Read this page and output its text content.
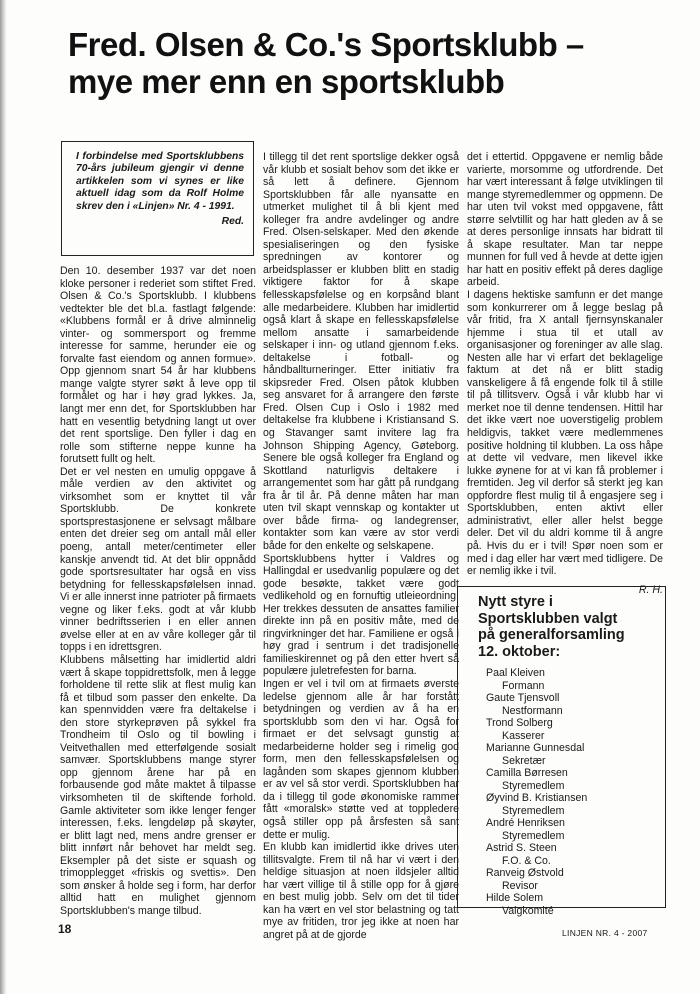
Fred. Olsen & Co.'s Sportsklubb –
mye mer enn en sportsklubb

I forbindelse med Sportsklubbens 70-års jubileum gjengir vi denne artikkelen som vi synes er like aktuell idag som da Rolf Holme skrev den i «Linjen» Nr. 4 - 1991.

Red.

Den 10. desember 1937 var det noen kloke personer i rederiet som stiftet Fred. Olsen & Co.'s Sportsklubb. I klubbens vedtekter ble det bl.a. fastlagt følgende: «Klubbens formål er å drive alminnelig vinter- og sommersport og fremme interesse for samme, herunder eie og forvalte fast eiendom og annen formue». Opp gjennom snart 54 år har klubbens mange valgte styrer søkt å leve opp til formålet og har i høy grad lykkes. Ja, langt mer enn det, for Sportsklubben har hatt en vesentlig betydning langt ut over det rent sportslige. Den fyller i dag en rolle som stifterne neppe kunne ha forutsett fullt og helt.

Det er vel nesten en umulig oppgave å måle verdien av den aktivitet og virksomhet som er knyttet til vår Sportsklubb. De konkrete sportsprestasjonene er selvsagt målbare enten det dreier seg om antall mål eller poeng, antall meter/centimeter eller kanskje anvendt tid. At det blir oppnådd gode sportsresultater har også en viss betydning for fellesskapsfølelsen innad. Vi er alle innerst inne patrioter på firmaets vegne og liker f.eks. godt at vår klubb vinner bedriftsserien i en eller annen øvelse eller at en av våre kolleger går til topps i en idrettsgren.

Klubbens målsetting har imidlertid aldri vært å skape toppidrettsfolk, men å legge forholdene til rette slik at flest mulig kan få et tilbud som passer den enkelte. Da kan spennvidden være fra deltakelse i den store styrkeprøven på sykkel fra Trondheim til Oslo og til bowling i Veitvethallen med etterfølgende sosialt samvær. Sportsklubbens mange styrer opp gjennom årene har på en forbausende god måte maktet å tilpasse virksomheten til de skiftende forhold. Gamle aktiviteter som ikke lenger fenger interessen, f.eks. lengdeløp på skøyter, er blitt lagt ned, mens andre grenser er blitt innført når behovet har meldt seg. Eksempler på det siste er squash og trimopplegget «friskis og svettis». Den som ønsker å holde seg i form, har derfor alltid hatt en mulighet gjennom Sportsklubben's mange tilbud.

I tillegg til det rent sportslige dekker også vår klubb et sosialt behov som det ikke er så lett å definere. Gjennom Sportsklubben får alle nyansatte en utmerket mulighet til å bli kjent med kolleger fra andre avdelinger og andre Fred. Olsen-selskaper. Med den økende spesialiseringen og den fysiske spredningen av kontorer og arbeidsplasser er klubben blitt en stadig viktigere faktor for å skape fellesskapsfølelse og en korpsånd blant alle medarbeidere. Klubben har imidlertid også klart å skape en fellesskapsfølelse mellom ansatte i samarbeidende selskaper i inn- og utland gjennom f.eks. deltakelse i fotball- og håndballturneringer. Etter initiativ fra skipsreder Fred. Olsen påtok klubben seg ansvaret for å arrangere den første Fred. Olsen Cup i Oslo i 1982 med deltakelse fra klubbene i Kristiansand S. og Stavanger samt invitere lag fra Johnson Shipping Agency, Gøteborg. Senere ble også kolleger fra England og Skottland naturligvis deltakere i arrangementet som har gått på rundgang fra år til år. På denne måten har man uten tvil skapt vennskap og kontakter ut over både firma- og landegrenser, kontakter som kan være av stor verdi både for den enkelte og selskapene.

Sportsklubbens hytter i Valdres og Hallingdal er usedvanlig populære og det gode besøkte, takket være godt vedlikehold og en fornuftig utleieordning. Her trekkes dessuten de ansattes familier direkte inn på en positiv måte, med de ringvirkninger det har. Familiene er også i høy grad i sentrum i det tradisjonelle familieskirennet og på den etter hvert så populære juletrefesten for barna.

Ingen er vel i tvil om at firmaets øverste ledelse gjennom alle år har forstått betydningen og verdien av å ha en sportsklubb som den vi har. Også for firmaet er det selvsagt gunstig at medarbeiderne holder seg i rimelig god form, men den fellesskapsfølelsen og lagånden som skapes gjennom klubben er av vel så stor verdi. Sportsklubben har da i tillegg til gode økonomiske rammer fått «moralsk» støtte ved at toppledere også stiller opp på årsfesten så sant dette er mulig.

En klubb kan imidlertid ikke drives uten tillitsvalgte. Frem til nå har vi vært i den heldige situasjon at noen ildsjeler alltid har vært villige til å stille opp for å gjøre en best mulig jobb. Selv om det til tider kan ha vært en vel stor belastning og tatt mye av fritiden, tror jeg ikke at noen har angret på at de gjorde

det i ettertid. Oppgavene er nemlig både varierte, morsomme og utfordrende. Det har vært interessant å følge utviklingen til mange styremedlemmer og oppmenn. De har uten tvil vokst med oppgavene, fått større selvtillit og har hatt gleden av å se at deres personlige innsats har bidratt til å skape resultater. Man tar neppe munnen for full ved å hevde at dette igjen har hatt en positiv effekt på deres daglige arbeid.

I dagens hektiske samfunn er det mange som konkurrerer om å legge beslag på vår fritid, fra X antall fjernsynskanaler hjemme i stua til et utall av organisasjoner og foreninger av alle slag. Nesten alle har vi erfart det beklagelige faktum at det nå er blitt stadig vanskeligere å få engende folk til å stille til på tillitsverv. Også i vår klubb har vi merket noe til denne tendensen. Hittil har det ikke vært noe uoverstigelig problem heldigvis, takket være medlemmenes positive holdning til klubben. La oss håpe at dette vil vedvare, men likevel ikke lukke øynene for at vi kan få problemer i fremtiden. Jeg vil derfor så sterkt jeg kan oppfordre flest mulig til å engasjere seg i Sportsklubben, enten aktivt eller administrativt, eller aller helst begge deler. Det vil du aldri komme til å angre på. Hvis du er i tvil! Spør noen som er med i dag eller har vært med tidligere. De er nemlig ikke i tvil.

R. H.

Nytt styre i
Sportsklubben valgt
på generalforsamling
12. oktober:
Paal Kleiven
Formann
Gaute Tjensvoll
Nestformann
Trond Solberg
Kasserer
Marianne Gunnesdal
Sekretær
Camilla Børresen
Styremedlem
Øyvind B. Kristiansen
Styremedlem
André Henriksen
Styremedlem
Astrid S. Steen
F.O. & Co.
Ranveig Østvold
Revisor
Hilde Solem
Valgkomité
18	LINJEN NR. 4 - 2007
